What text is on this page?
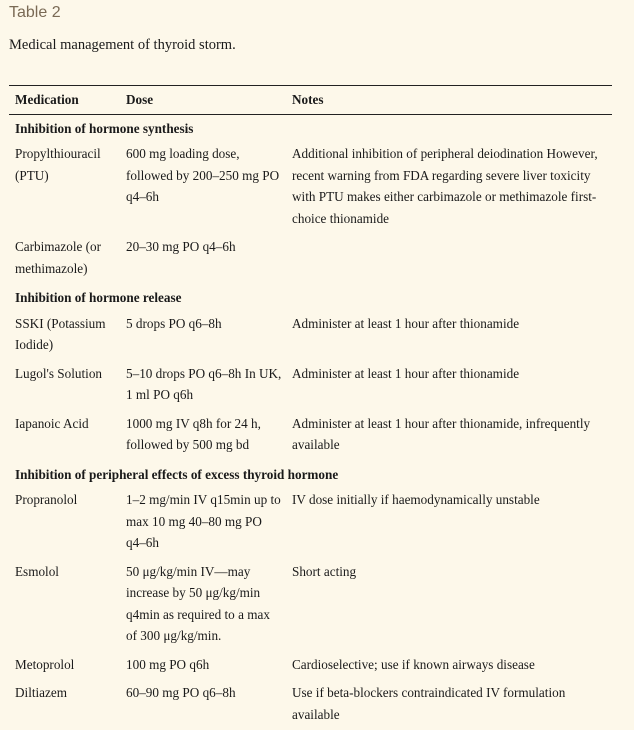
Table 2
Medical management of thyroid storm.
Medication	Dose	Notes
Inhibition of hormone synthesis		
Propylthiouracil (PTU)	600 mg loading dose, followed by 200–250 mg PO q4–6h	Additional inhibition of peripheral deiodination However, recent warning from FDA regarding severe liver toxicity with PTU makes either carbimazole or methimazole first-choice thionamide
Carbimazole (or methimazole)	20–30 mg PO q4–6h	
Inhibition of hormone release		
SSKI (Potassium Iodide)	5 drops PO q6–8h	Administer at least 1 hour after thionamide
Lugol's Solution	5–10 drops PO q6–8h In UK, 1 ml PO q6h	Administer at least 1 hour after thionamide
Iapanoic Acid	1000 mg IV q8h for 24 h, followed by 500 mg bd	Administer at least 1 hour after thionamide, infrequently available
Inhibition of peripheral effects of excess thyroid hormone		
Propranolol	1–2 mg/min IV q15min up to max 10 mg 40–80 mg PO q4–6h	IV dose initially if haemodynamically unstable
Esmolol	50 μg/kg/min IV—may increase by 50 μg/kg/min q4min as required to a max of 300 μg/kg/min.	Short acting
Metoprolol	100 mg PO q6h	Cardioselective; use if known airways disease
Diltiazem	60–90 mg PO q6–8h	Use if beta-blockers contraindicated IV formulation available
